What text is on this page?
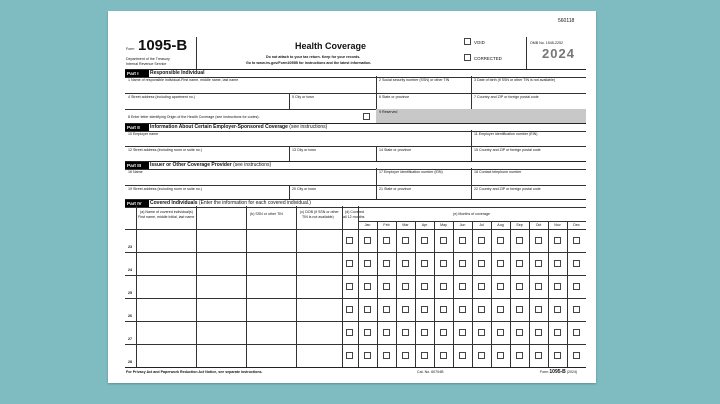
560118
Form 1095-B
Department of the Treasury
Internal Revenue Service
Health Coverage
Do not attach to your tax return. Keep for your records.
Go to www.irs.gov/Form1095B for instructions and the latest information.
VOID
CORRECTED
OMB No. 1545-2252
2024
Part I	Responsible Individual
1 Name of responsible individual-First name, middle name, last name	2 Social security number (SSN) or other TIN	3 Date of birth (if SSN or other TIN is not available)
4 Street address (including apartment no.)	5 City or town	6 State or province	7 Country and ZIP or foreign postal code
8 Enter letter identifying Origin of the Health Coverage (see instructions for codes):
9 Reserved
Part II	Information About Certain Employer-Sponsored Coverage (see instructions)
10 Employer name	11 Employer identification number (EIN)
12 Street address (including room or suite no.)	13 City or town	14 State or province	15 Country and ZIP or foreign postal code
Part III	Issuer or Other Coverage Provider (see instructions)
16 Name	17 Employer identification number (EIN)	18 Contact telephone number
19 Street address (including room or suite no.)	20 City or town	21 State or province	22 Country and ZIP or foreign postal code
Part IV	Covered Individuals (Enter the information for each covered individual.)
(a) Name of covered individual(s)
First name, middle initial, last name
(b) SSN or other TIN	(c) DOB (if SSN or other
TIN is not available)
(d) Covered
all 12 months
(e) Months of coverage
Jan	Feb	Mar	Apr	May	Jun	Jul	Aug	Sep	Oct	Nov	Dec
23
24
25
26
27
28
For Privacy Act and Paperwork Reduction Act Notice, see separate instructions.	Cat. No. 60704B	Form 1095-B (2024)
